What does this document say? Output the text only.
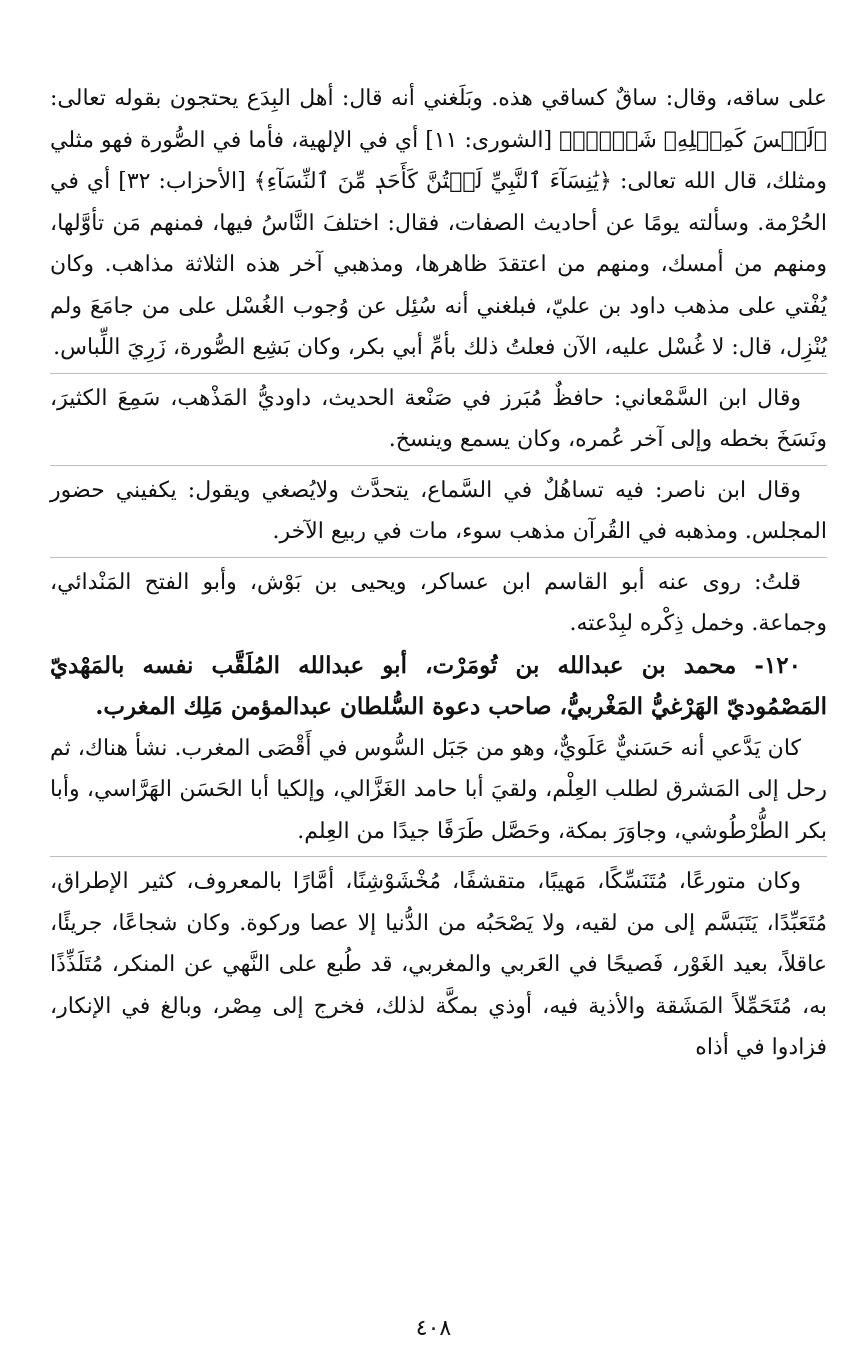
على ساقه، وقال: ساقٌ كساقي هذه. وبَلَغني أنه قال: أهل البِدَع يحتجون بقوله تعالى: ﴿لَيۡسَ كَمِثۡلِهِۦ شَيۡءٞۖ﴾ [الشورى: ١١] أي في الإلهية، فأما في الصُّورة فهو مثلي ومثلك، قال الله تعالى: ﴿يَٰنِسَآءَ ٱلنَّبِيِّ لَسۡتُنَّ كَأَحَدٖ مِّنَ ٱلنِّسَآءِ﴾ [الأحزاب: ٣٢] أي في الحُرْمة. وسألته يومًا عن أحاديث الصفات، فقال: اختلفَ النَّاسُ فيها، فمنهم مَن تأوَّلها، ومنهم من أمسك، ومنهم من اعتقدَ ظاهرها، ومذهبي آخر هذه الثلاثة مذاهب. وكان يُفْتي على مذهب داود بن عليّ، فبلغني أنه سُئِل عن وُجوب الغُسْل على من جامَعَ ولم يُنْزِل، قال: لا غُسْل عليه، الآن فعلتُ ذلك بأمِّ أبي بكر، وكان بَشِع الصُّورة، زَرِيَ اللِّباس.

وقال ابن السَّمْعاني: حافظٌ مُبَرز في صَنْعة الحديث، داوديُّ المَذْهب، سَمِعَ الكثيرَ، ونَسَخَ بخطه وإلى آخر عُمره، وكان يسمع وينسخ.

وقال ابن ناصر: فيه تساهُلٌ في السَّماع، يتحدَّث ولايُصغي ويقول: يكفيني حضور المجلس. ومذهبه في القُرآن مذهب سوء، مات في ربيع الآخر.

قلتُ: روى عنه أبو القاسم ابن عساكر، ويحيى بن بَوْش، وأبو الفتح المَنْدائي، وجماعة. وخمل ذِكْره لبِدْعته.

١٢٠- محمد بن عبدالله بن تُومَرْت، أبو عبدالله المُلَقَّب نفسه بالمَهْديّ المَصْمُوديّ الهَرْغيُّ المَغْربيُّ، صاحب دعوة السُّلطان عبدالمؤمن مَلِك المغرب.

كان يَدَّعي أنه حَسَنيٌّ عَلَويٌّ، وهو من جَبَل السُّوس في أَقْصَى المغرب. نشأ هناك، ثم رحل إلى المَشرق لطلب العِلْم، ولقيَ أبا حامد الغَزَّالي، وإلكيا أبا الحَسَن الهَرَّاسي، وأبا بكر الطُّرْطُوشي، وجاوَرَ بمكة، وحَصَّل طَرَفًا جيدًا من العِلم.

وكان متورعًا، مُتَنَسِّكًا، مَهيبًا، متقشفًا، مُخْشَوْشِنًا، أمَّارًا بالمعروف، كثير الإطراق، مُتَعَبِّدًا، يَتَبَسَّم إلى من لقيه، ولا يَصْحَبُه من الدُّنيا إلا عصا وركوة. وكان شجاعًا، جريئًا، عاقلاً، بعيد الغَوْر، فَصيحًا في العَربي والمغربي، قد طُبع على النَّهي عن المنكر، مُتَلَذِّذًا به، مُتَحَمِّلاً المَشَقة والأذية فيه، أوذي بمكَّة لذلك، فخرج إلى مِصْر، وبالغ في الإنكار، فزادوا في أذاه

٤٠٨
